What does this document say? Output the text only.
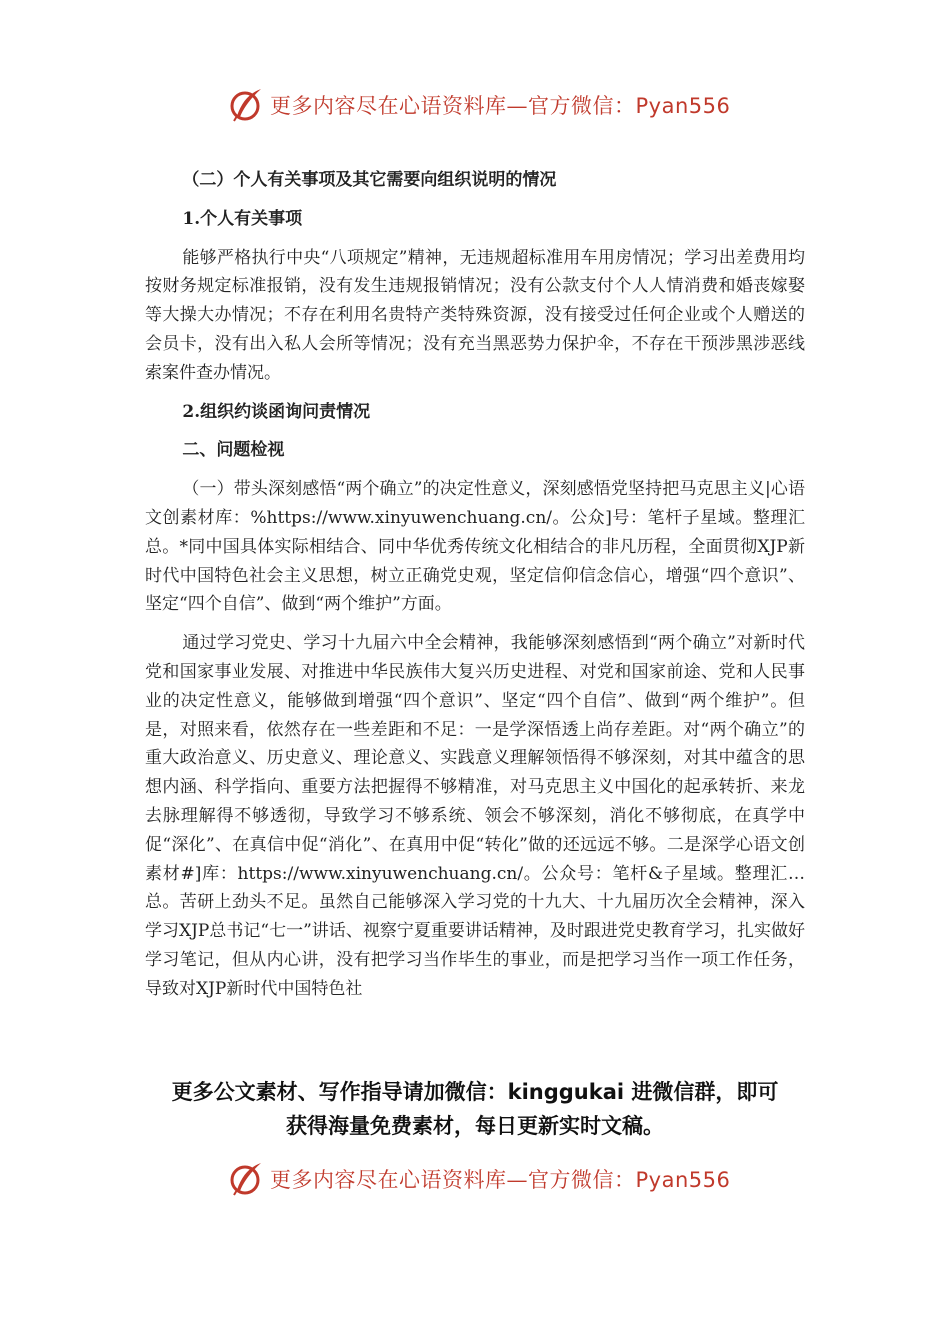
更多内容尽在心语资料库—官方微信：Pyan556

（二）个人有关事项及其它需要向组织说明的情况

1.个人有关事项

能够严格执行中央“八项规定”精神，无违规超标准用车用房情况；学习出差费用均按财务规定标准报销，没有发生违规报销情况；没有公款支付个人人情消费和婚丧嫁娶等大操大办情况；不存在利用名贵特产类特殊资源，没有接受过任何企业或个人赠送的会员卡，没有出入私人会所等情况；没有充当黑恶势力保护伞，不存在干预涉黑涉恶线索案件查办情况。

2.组织约谈函询问责情况

二、问题检视

（一）带头深刻感悟“两个确立”的决定性意义，深刻感悟党坚持把马克思主义|心语文创素材库：%https://www.xinyuwenchuang.cn/。公众]号：笔杆子星域。整理汇总。*同中国具体实际相结合、同中华优秀传统文化相结合的非凡历程，全面贯彻XJP新时代中国特色社会主义思想，树立正确党史观，坚定信仰信念信心，增强“四个意识”、坚定“四个自信”、做到“两个维护”方面。

通过学习党史、学习十九届六中全会精神，我能够深刻感悟到“两个确立”对新时代党和国家事业发展、对推进中华民族伟大复兴历史进程、对党和国家前途、党和人民事业的决定性意义，能够做到增强“四个意识”、坚定“四个自信”、做到“两个维护”。但是，对照来看，依然存在一些差距和不足：一是学深悟透上尚存差距。对“两个确立”的重大政治意义、历史意义、理论意义、实践意义理解领悟得不够深刻，对其中蕴含的思想内涵、科学指向、重要方法把握得不够精准，对马克思主义中国化的起承转折、来龙去脉理解得不够透彻，导致学习不够系统、领会不够深刻，消化不够彻底，在真学中促“深化”、在真信中促“消化”、在真用中促“转化”做的还远远不够。二是深学心语文创素材#]库：https://www.xinyuwenchuang.cn/。公众号：笔杆&子星域。整理汇…总。苦研上劲头不足。虽然自己能够深入学习党的十九大、十九届历次全会精神，深入学习XJP总书记“七一”讲话、视察宁夏重要讲话精神，及时跟进党史教育学习，扎实做好学习笔记，但从内心讲，没有把学习当作毕生的事业，而是把学习当作一项工作任务，导致对XJP新时代中国特色社

更多公文素材、写作指导请加微信：kinggukai 进微信群，即可
获得海量免费素材，每日更新实时文稿。
更多内容尽在心语资料库—官方微信：Pyan556
